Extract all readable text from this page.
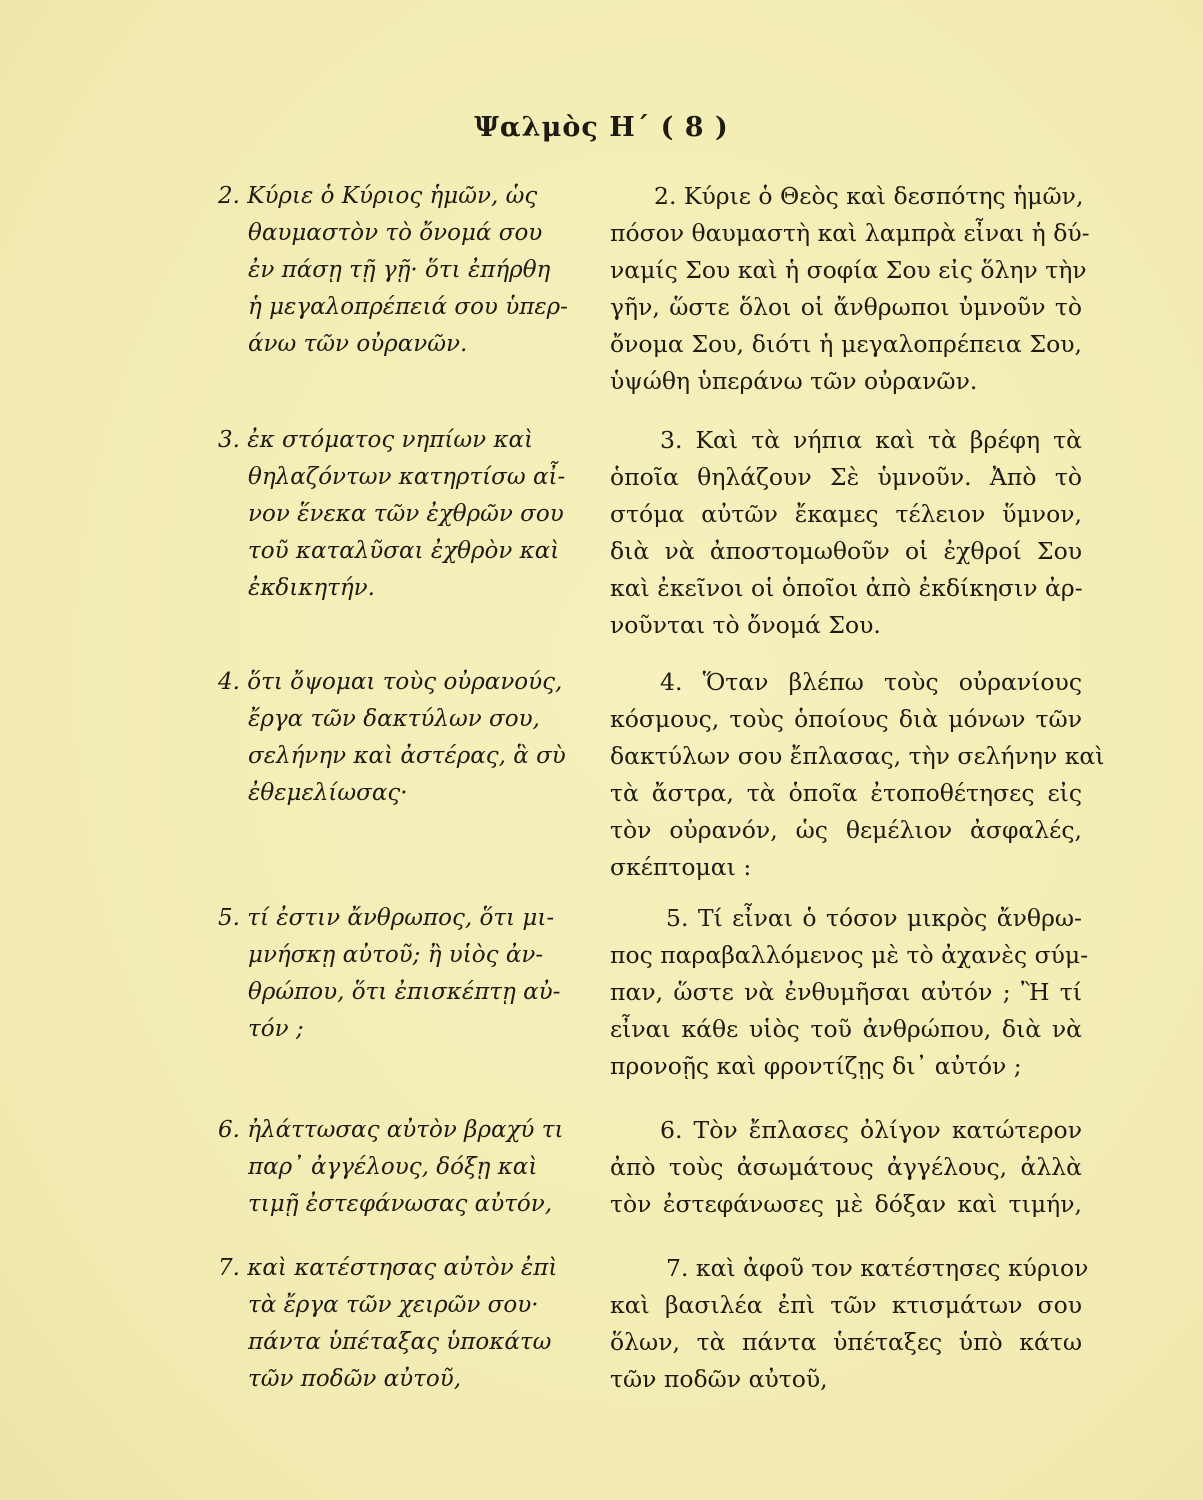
Ψαλμὸς Η΄ ( 8 )
2. Κύριε ὁ Κύριος ἡμῶν, ὡς
θαυμαστὸν τὸ ὄνομά σου
ἐν πάσῃ τῇ γῇ· ὅτι ἐπήρθη
ἡ μεγαλοπρέπειά σου ὑπερ-
άνω τῶν οὐρανῶν.
2. Κύριε ὁ Θεὸς καὶ δεσπότης ἡμῶν,
πόσον θαυμαστὴ καὶ λαμπρὰ εἶναι ἡ δύ-
ναμίς Σου καὶ ἡ σοφία Σου εἰς ὅλην τὴν
γῆν, ὥστε ὅλοι οἱ ἄνθρωποι ὑμνοῦν τὸ
ὄνομα Σου, διότι ἡ μεγαλοπρέπεια Σου,
ὑψώθη ὑπεράνω τῶν οὐρανῶν.
3. ἐκ στόματος νηπίων καὶ
θηλαζόντων κατηρτίσω αἶ-
νον ἕνεκα τῶν ἐχθρῶν σου
τοῦ καταλῦσαι ἐχθρὸν καὶ
ἐκδικητήν.
3. Καὶ τὰ νήπια καὶ τὰ βρέφη τὰ
ὁποῖα θηλάζουν Σὲ ὑμνοῦν. Ἀπὸ τὸ
στόμα αὐτῶν ἔκαμες τέλειον ὕμνον,
διὰ νὰ ἀποστομωθοῦν οἱ ἐχθροί Σου
καὶ ἐκεῖνοι οἱ ὁποῖοι ἀπὸ ἐκδίκησιν ἀρ-
νοῦνται τὸ ὄνομά Σου.
4. ὅτι ὄψομαι τοὺς οὐρανούς,
ἔργα τῶν δακτύλων σου,
σελήνην καὶ ἀστέρας, ἃ σὺ
ἐθεμελίωσας·
4. Ὅταν βλέπω τοὺς οὐρανίους
κόσμους, τοὺς ὁποίους διὰ μόνων τῶν
δακτύλων σου ἔπλασας, τὴν σελήνην καὶ
τὰ ἄστρα, τὰ ὁποῖα ἐτοποθέτησες εἰς
τὸν οὐρανόν, ὡς θεμέλιον ἀσφαλές,
σκέπτομαι :
5. τί ἐστιν ἄνθρωπος, ὅτι μι-
μνήσκῃ αὐτοῦ; ἢ υἱὸς ἀν-
θρώπου, ὅτι ἐπισκέπτῃ αὐ-
τόν ;
5. Τί εἶναι ὁ τόσον μικρὸς ἄνθρω-
πος παραβαλλόμενος μὲ τὸ ἀχανὲς σύμ-
παν, ὥστε νὰ ἐνθυμῆσαι αὐτόν ; Ἢ τί
εἶναι κάθε υἱὸς τοῦ ἀνθρώπου, διὰ νὰ
προνοῇς καὶ φροντίζῃς δι᾽ αὐτόν ;
6. ἠλάττωσας αὐτὸν βραχύ τι
παρ᾽ ἀγγέλους, δόξῃ καὶ
τιμῇ ἐστεφάνωσας αὐτόν,
6. Τὸν ἔπλασες ὀλίγον κατώτερον
ἀπὸ τοὺς ἀσωμάτους ἀγγέλους, ἀλλὰ
τὸν ἐστεφάνωσες μὲ δόξαν καὶ τιμήν,
7. καὶ κατέστησας αὐτὸν ἐπὶ
τὰ ἔργα τῶν χειρῶν σου·
πάντα ὑπέταξας ὑποκάτω
τῶν ποδῶν αὐτοῦ,
7. καὶ ἀφοῦ τον κατέστησες κύριον
καὶ βασιλέα ἐπὶ τῶν κτισμάτων σου
ὅλων, τὰ πάντα ὑπέταξες ὑπὸ κάτω
τῶν ποδῶν αὐτοῦ,
